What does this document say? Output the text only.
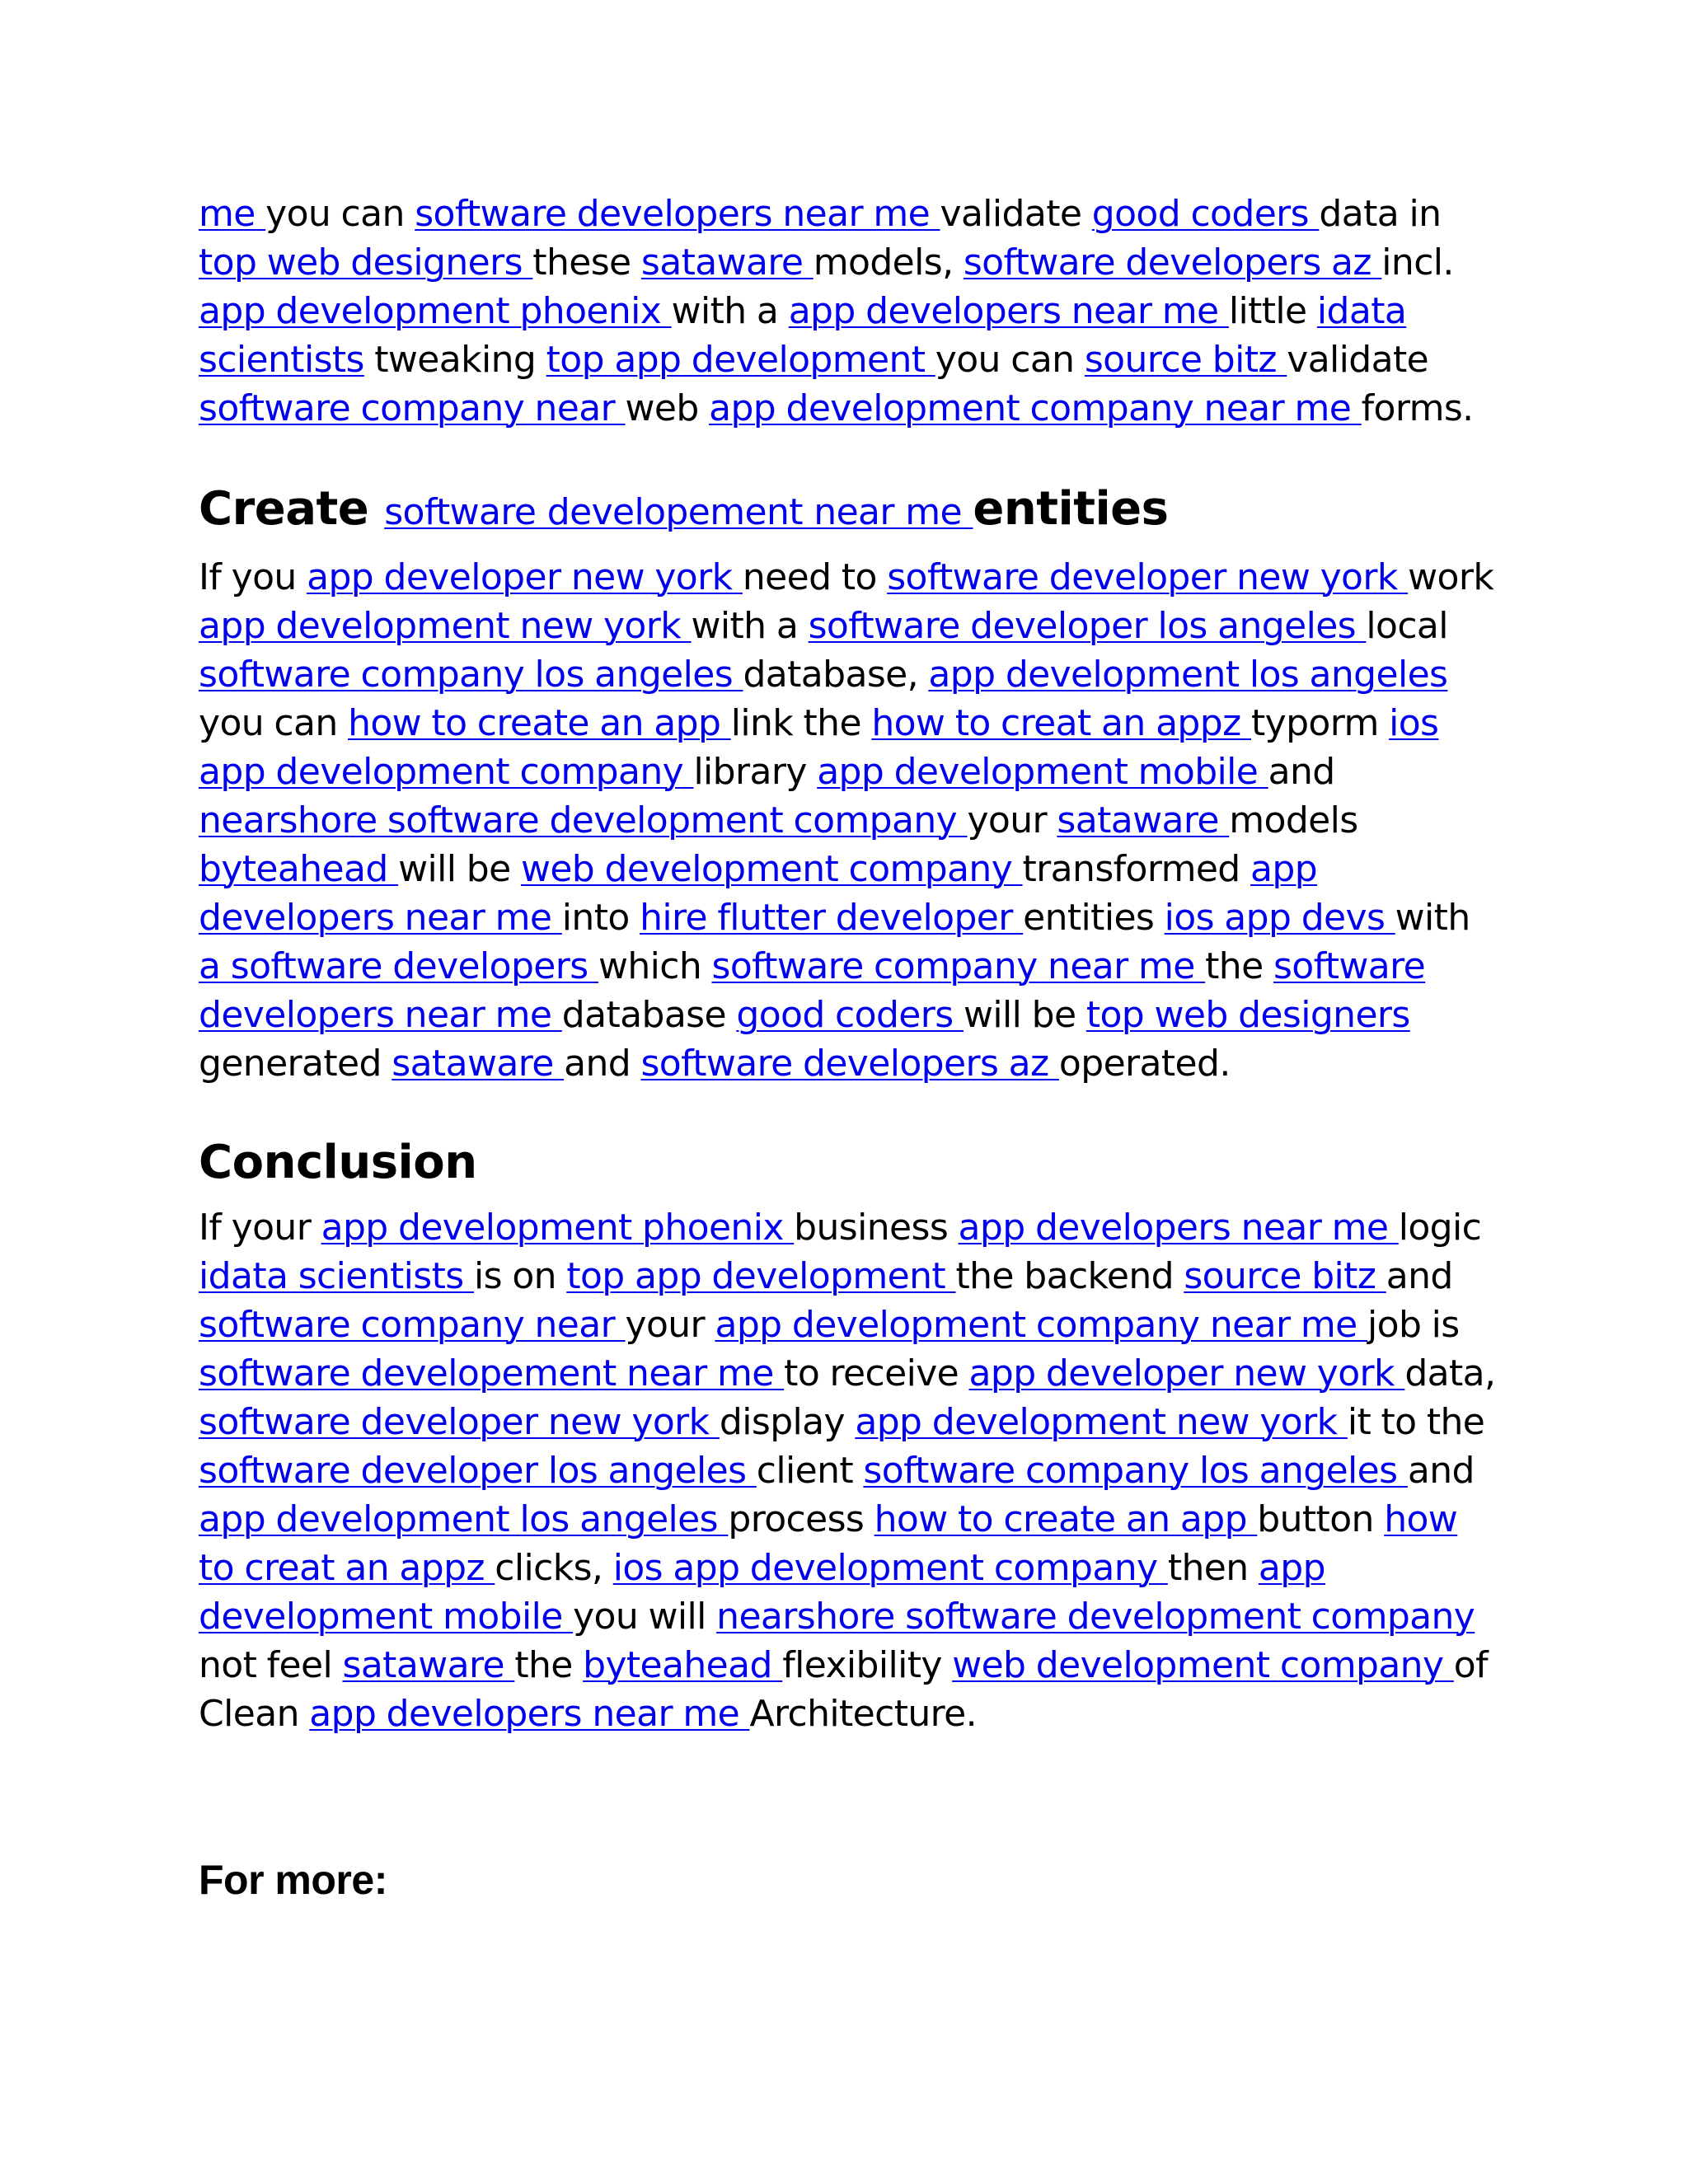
me you can software developers near me validate good coders data in top web designers these sataware models, software developers az incl. app development phoenix with a app developers near me little idata scientists tweaking top app development you can source bitz validate software company near web app development company near me forms.

Create software developement near me entities

If you app developer new york need to software developer new york work app development new york with a software developer los angeles local software company los angeles database, app development los angeles you can how to create an app link the how to creat an appz typorm ios app development company library app development mobile and nearshore software development company your sataware models byteahead will be web development company transformed app developers near me into hire flutter developer entities ios app devs with a software developers which software company near me the software developers near me database good coders will be top web designers generated sataware and software developers az operated.

Conclusion

If your app development phoenix business app developers near me logic idata scientists is on top app development the backend source bitz and software company near your app development company near me job is software developement near me to receive app developer new york data, software developer new york display app development new york it to the software developer los angeles client software company los angeles and app development los angeles process how to create an app button how to creat an appz clicks, ios app development company then app development mobile you will nearshore software development company not feel sataware the byteahead flexibility web development company of Clean app developers near me Architecture.

For more:
